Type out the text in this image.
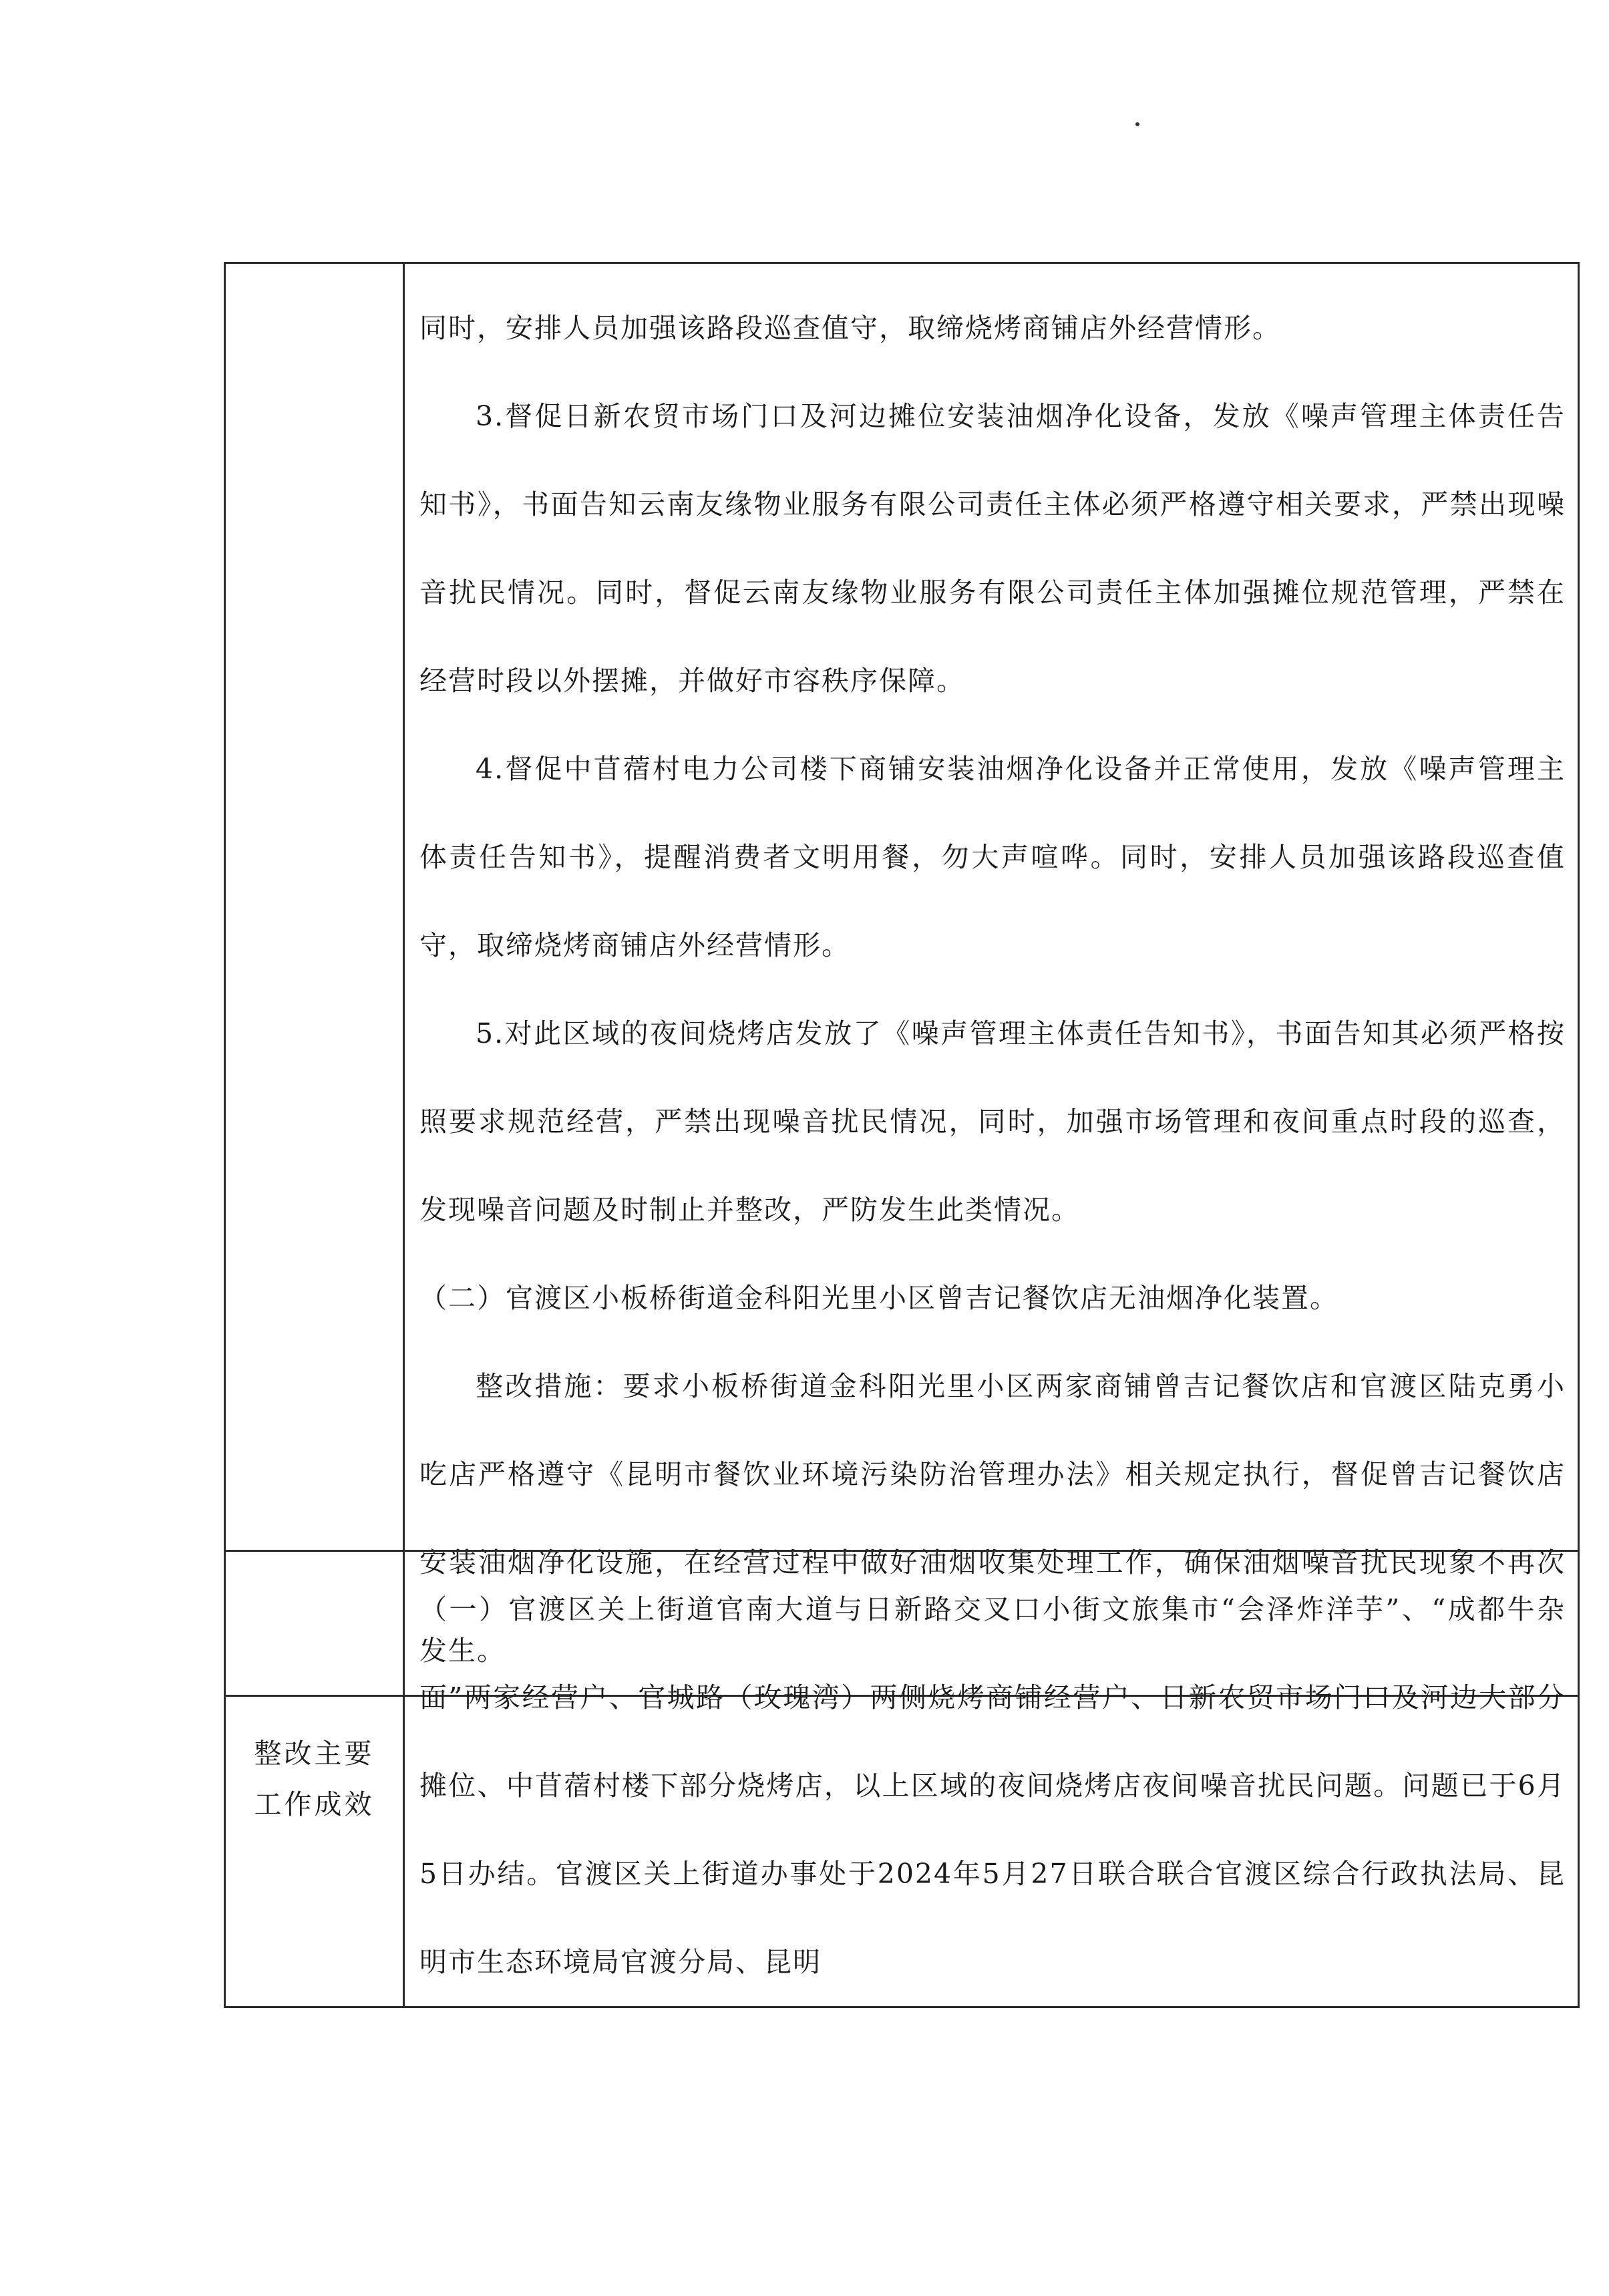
同时，安排人员加强该路段巡查值守，取缔烧烤商铺店外经营情形。

3.督促日新农贸市场门口及河边摊位安装油烟净化设备，发放《噪声管理主体责任告知书》，书面告知云南友缘物业服务有限公司责任主体必须严格遵守相关要求，严禁出现噪音扰民情况。同时，督促云南友缘物业服务有限公司责任主体加强摊位规范管理，严禁在经营时段以外摆摊，并做好市容秩序保障。

4.督促中苜蓿村电力公司楼下商铺安装油烟净化设备并正常使用，发放《噪声管理主体责任告知书》，提醒消费者文明用餐，勿大声喧哗。同时，安排人员加强该路段巡查值守，取缔烧烤商铺店外经营情形。

5.对此区域的夜间烧烤店发放了《噪声管理主体责任告知书》，书面告知其必须严格按照要求规范经营，严禁出现噪音扰民情况，同时，加强市场管理和夜间重点时段的巡查，发现噪音问题及时制止并整改，严防发生此类情况。

（二）官渡区小板桥街道金科阳光里小区曾吉记餐饮店无油烟净化装置。

整改措施：要求小板桥街道金科阳光里小区两家商铺曾吉记餐饮店和官渡区陆克勇小吃店严格遵守《昆明市餐饮业环境污染防治管理办法》相关规定执行，督促曾吉记餐饮店安装油烟净化设施，在经营过程中做好油烟收集处理工作，确保油烟噪音扰民现象不再次发生。

整改主要工作成效

（一）官渡区关上街道官南大道与日新路交叉口小街文旅集市“会泽炸洋芋”、“成都牛杂面”两家经营户、官城路（玫瑰湾）两侧烧烤商铺经营户、日新农贸市场门口及河边大部分摊位、中苜蓿村楼下部分烧烤店，以上区域的夜间烧烤店夜间噪音扰民问题。问题已于6月5日办结。官渡区关上街道办事处于2024年5月27日联合联合官渡区综合行政执法局、昆明市生态环境局官渡分局、昆明
